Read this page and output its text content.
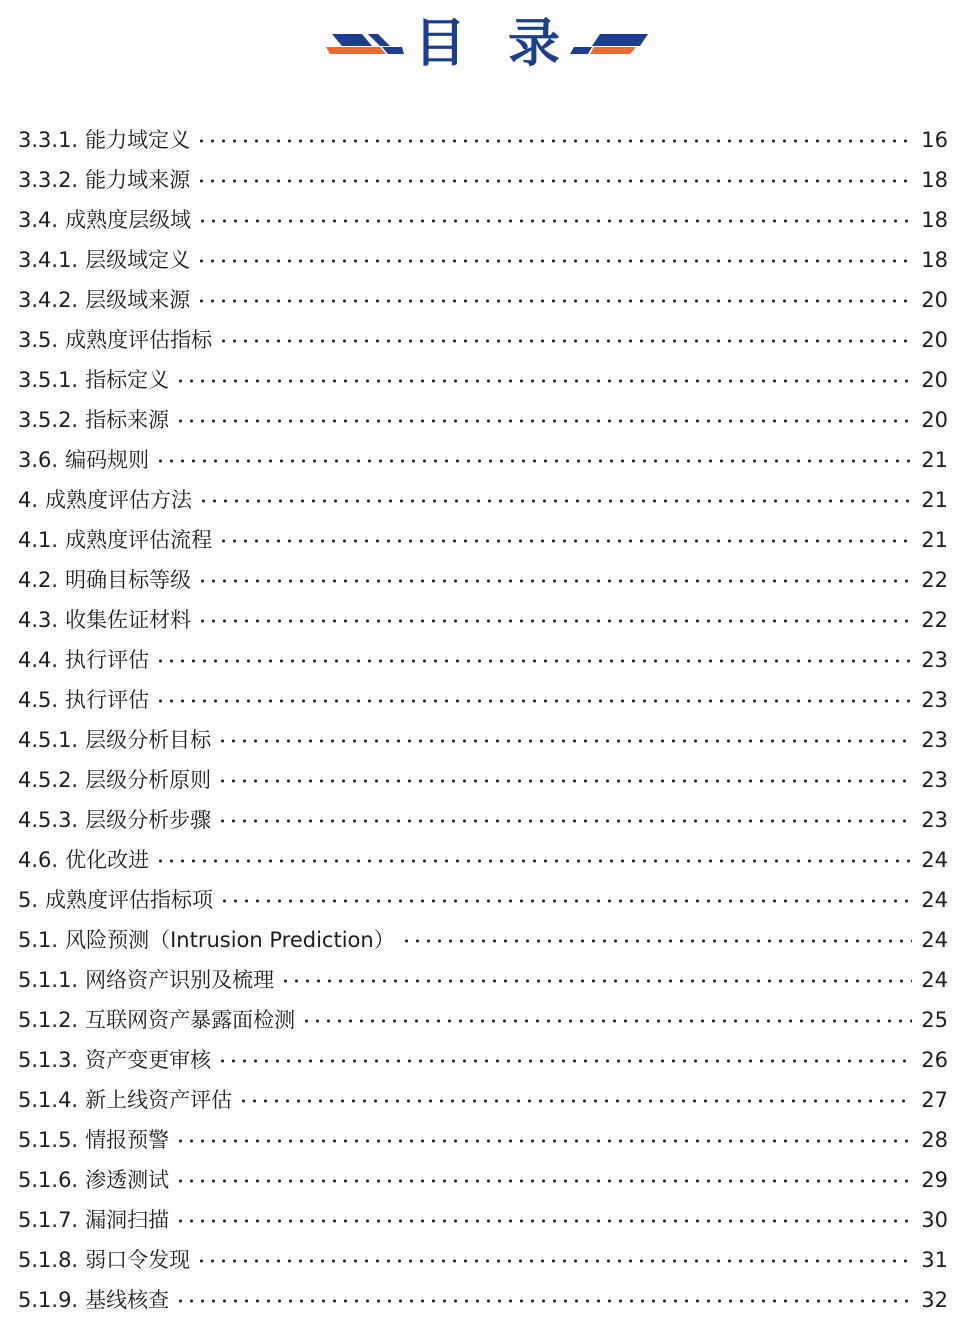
目 录
3.3.1. 能力域定义	16
3.3.2. 能力域来源	18
3.4. 成熟度层级域	18
3.4.1. 层级域定义	18
3.4.2. 层级域来源	20
3.5. 成熟度评估指标	20
3.5.1. 指标定义	20
3.5.2. 指标来源	20
3.6. 编码规则	21
4. 成熟度评估方法	21
4.1. 成熟度评估流程	21
4.2. 明确目标等级	22
4.3. 收集佐证材料	22
4.4. 执行评估	23
4.5. 执行评估	23
4.5.1. 层级分析目标	23
4.5.2. 层级分析原则	23
4.5.3. 层级分析步骤	23
4.6. 优化改进	24
5. 成熟度评估指标项	24
5.1. 风险预测（Intrusion Prediction）	24
5.1.1. 网络资产识别及梳理	24
5.1.2. 互联网资产暴露面检测	25
5.1.3. 资产变更审核	26
5.1.4. 新上线资产评估	27
5.1.5. 情报预警	28
5.1.6. 渗透测试	29
5.1.7. 漏洞扫描	30
5.1.8. 弱口令发现	31
5.1.9. 基线核查	32
